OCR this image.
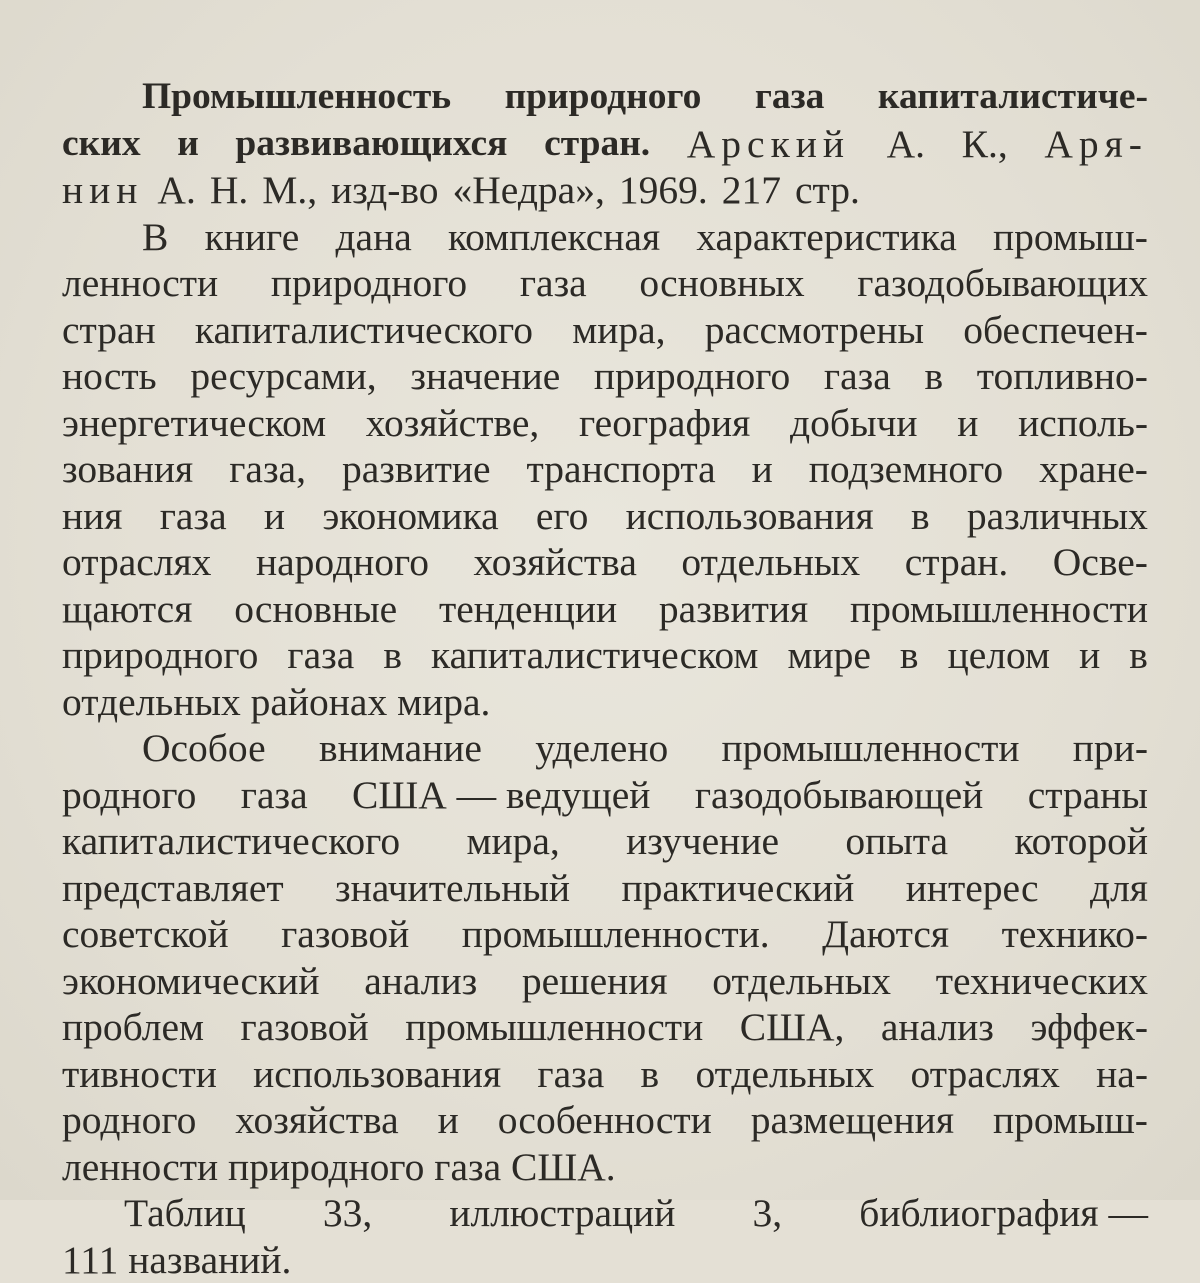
Промышленность природного газа капиталистиче-
ских и развивающихся стран. Арский А. К., Аря-
нин А. Н. М., изд-во «Недра», 1969. 217 стр.
В книге дана комплексная характеристика промыш-
ленности природного газа основных газодобывающих
стран капиталистического мира, рассмотрены обеспечен-
ность ресурсами, значение природного газа в топливно-
энергетическом хозяйстве, география добычи и исполь-
зования газа, развитие транспорта и подземного хране-
ния газа и экономика его использования в различных
отраслях народного хозяйства отдельных стран. Осве-
щаются основные тенденции развития промышленности
природного газа в капиталистическом мире в целом и в
отдельных районах мира.
Особое внимание уделено промышленности при-
родного газа США — ведущей газодобывающей страны
капиталистического мира, изучение опыта которой
представляет значительный практический интерес для
советской газовой промышленности. Даются технико-
экономический анализ решения отдельных технических
проблем газовой промышленности США, анализ эффек-
тивности использования газа в отдельных отраслях на-
родного хозяйства и особенности размещения промыш-
ленности природного газа США.
Таблиц 33, иллюстраций 3, библиография —
111 названий.
